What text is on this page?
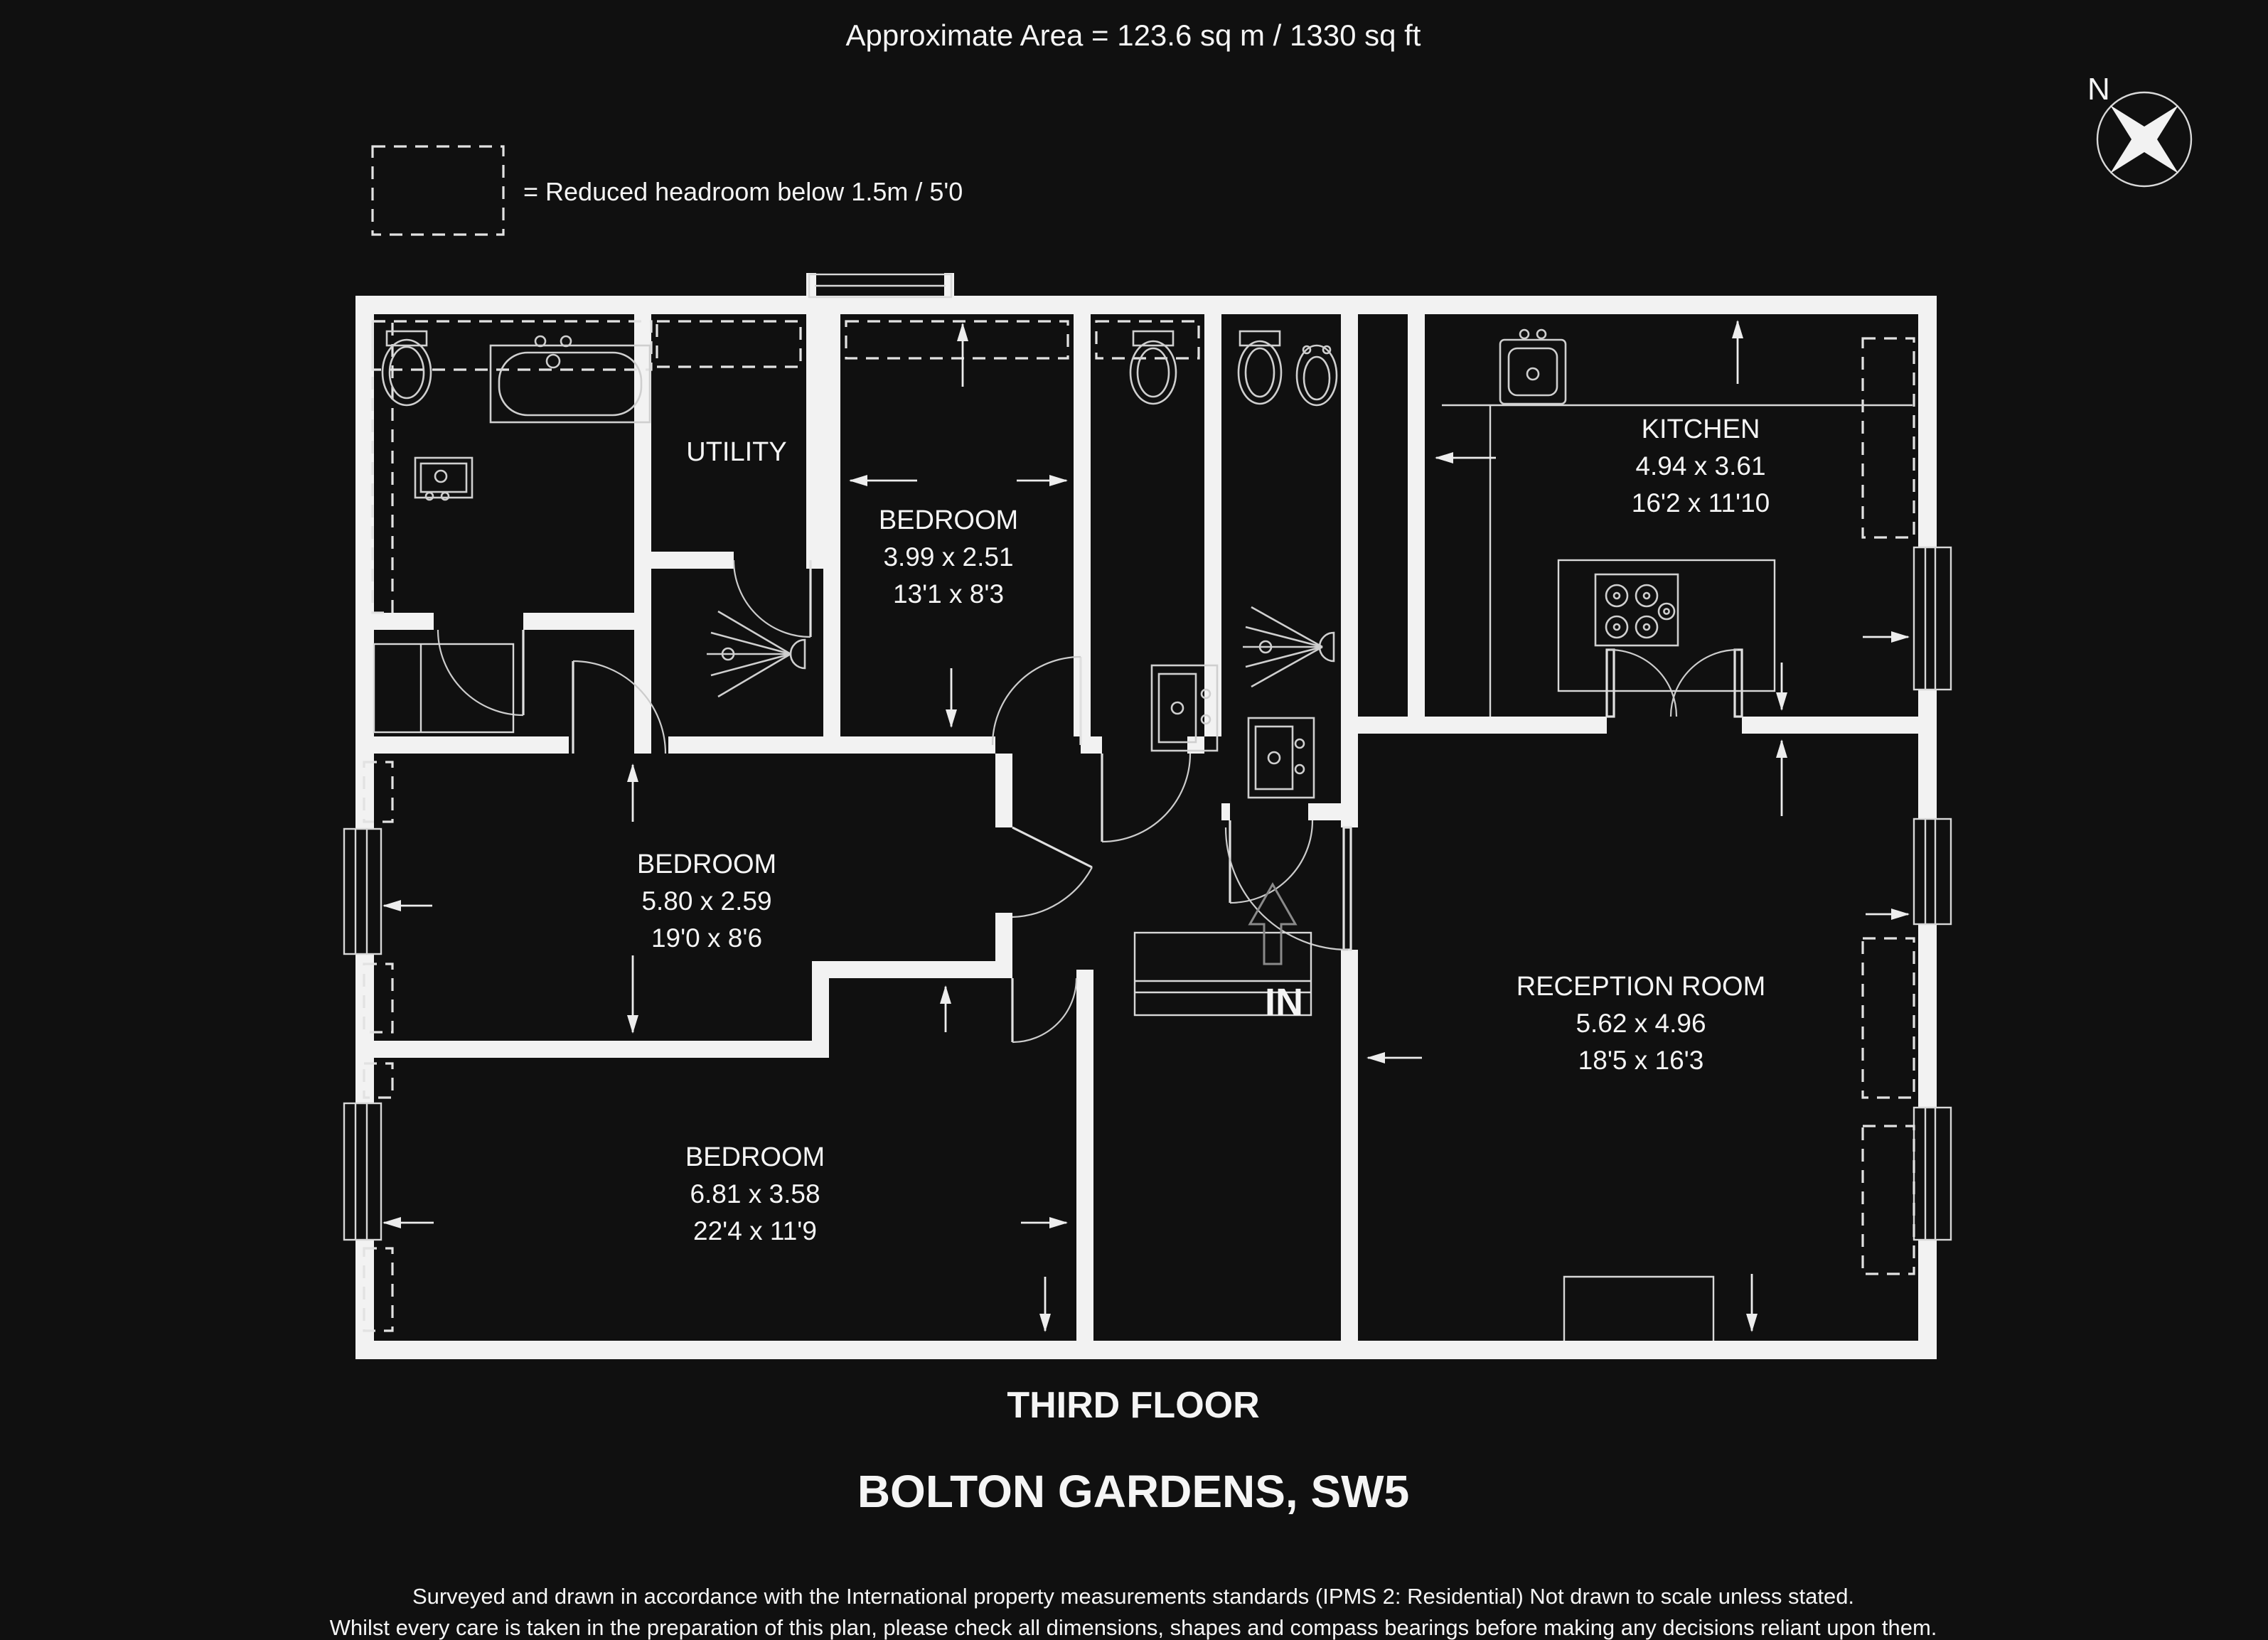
Approximate Area = 123.6 sq m / 1330 sq ft
= Reduced headroom below 1.5m / 5'0
N
UTILITY
BEDROOM
3.99 x 2.51
13'1 x 8'3
KITCHEN
4.94 x 3.61
16'2 x 11'10
BEDROOM
5.80 x 2.59
19'0 x 8'6
RECEPTION ROOM
5.62 x 4.96
18'5 x 16'3
BEDROOM
6.81 x 3.58
22'4 x 11'9
IN
THIRD FLOOR
BOLTON GARDENS, SW5
Surveyed and drawn in accordance with the International property measurements standards (IPMS 2: Residential) Not drawn to scale unless stated.
Whilst every care is taken in the preparation of this plan, please check all dimensions, shapes and compass bearings before making any decisions reliant upon them.
